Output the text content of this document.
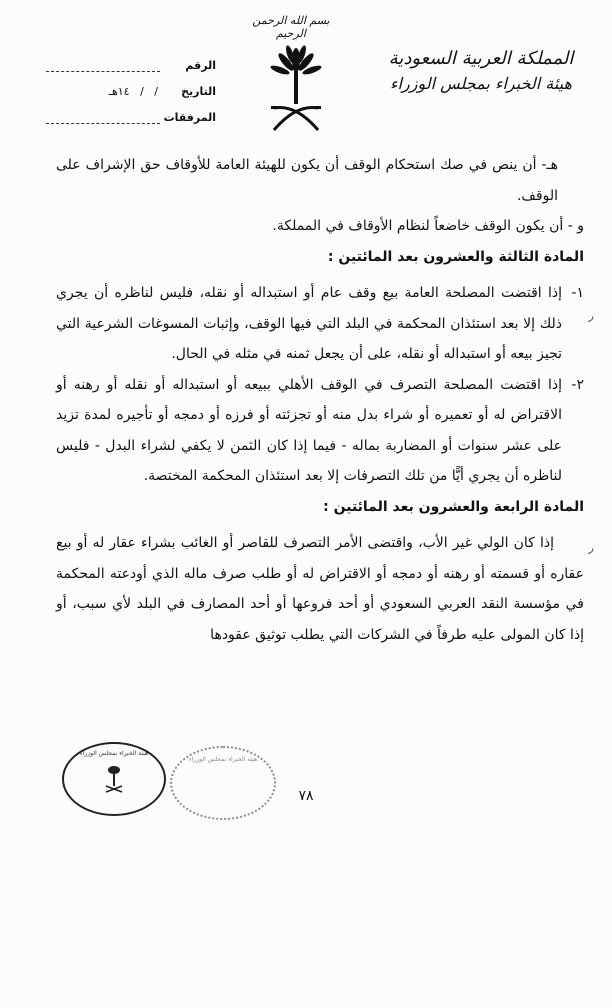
بسم الله الرحمن الرحيم
المملكة العربية السعودية
هيئة الخبراء بمجلس الوزراء
الرقم
التاريخ
/   /   ١٤هـ
المرفقات

هـ- أن ينص في صك استحكام الوقف أن يكون للهيئة العامة للأوقاف حق الإشراف على الوقف.

و - أن يكون الوقف خاضعاً لنظام الأوقاف في المملكة.

المادة الثالثة والعشرون بعد المائتين :

١-
إذا اقتضت المصلحة العامة بيع وقف عام أو استبداله أو نقله، فليس لناظره أن يجري ذلك إلا بعد استئذان المحكمة في البلد التي فيها الوقف، وإثبات المسوغات الشرعية التي تجيز بيعه أو استبداله أو نقله، على أن يجعل ثمنه في مثله في الحال.
٢-
إذا اقتضت المصلحة التصرف في الوقف الأهلي ببيعه أو استبداله أو نقله أو رهنه أو الاقتراض له أو تعميره أو شراء بدل منه أو تجزئته أو فرزه أو دمجه أو تأجيره لمدة تزيد على عشر سنوات أو المضاربة بماله - فيما إذا كان الثمن لا يكفي لشراء البدل - فليس لناظره أن يجري أيًّا من تلك التصرفات إلا بعد استئذان المحكمة المختصة.

المادة الرابعة والعشرون بعد المائتين :

إذا كان الولي غير الأب، واقتضى الأمر التصرف للقاصر أو الغائب بشراء عقار له أو بيع عقاره أو قسمته أو رهنه أو دمجه أو الاقتراض له أو طلب صرف ماله الذي أودعته المحكمة في مؤسسة النقد العربي السعودي أو أحد فروعها أو أحد المصارف في البلد لأي سبب، أو إذا كان المولى عليه طرفاً في الشركات التي يطلب توثيق عقودها

◞
◞
هيئة الخبراء بمجلس الوزراء
هيئة الخبراء بمجلس الوزراء
٧٨
